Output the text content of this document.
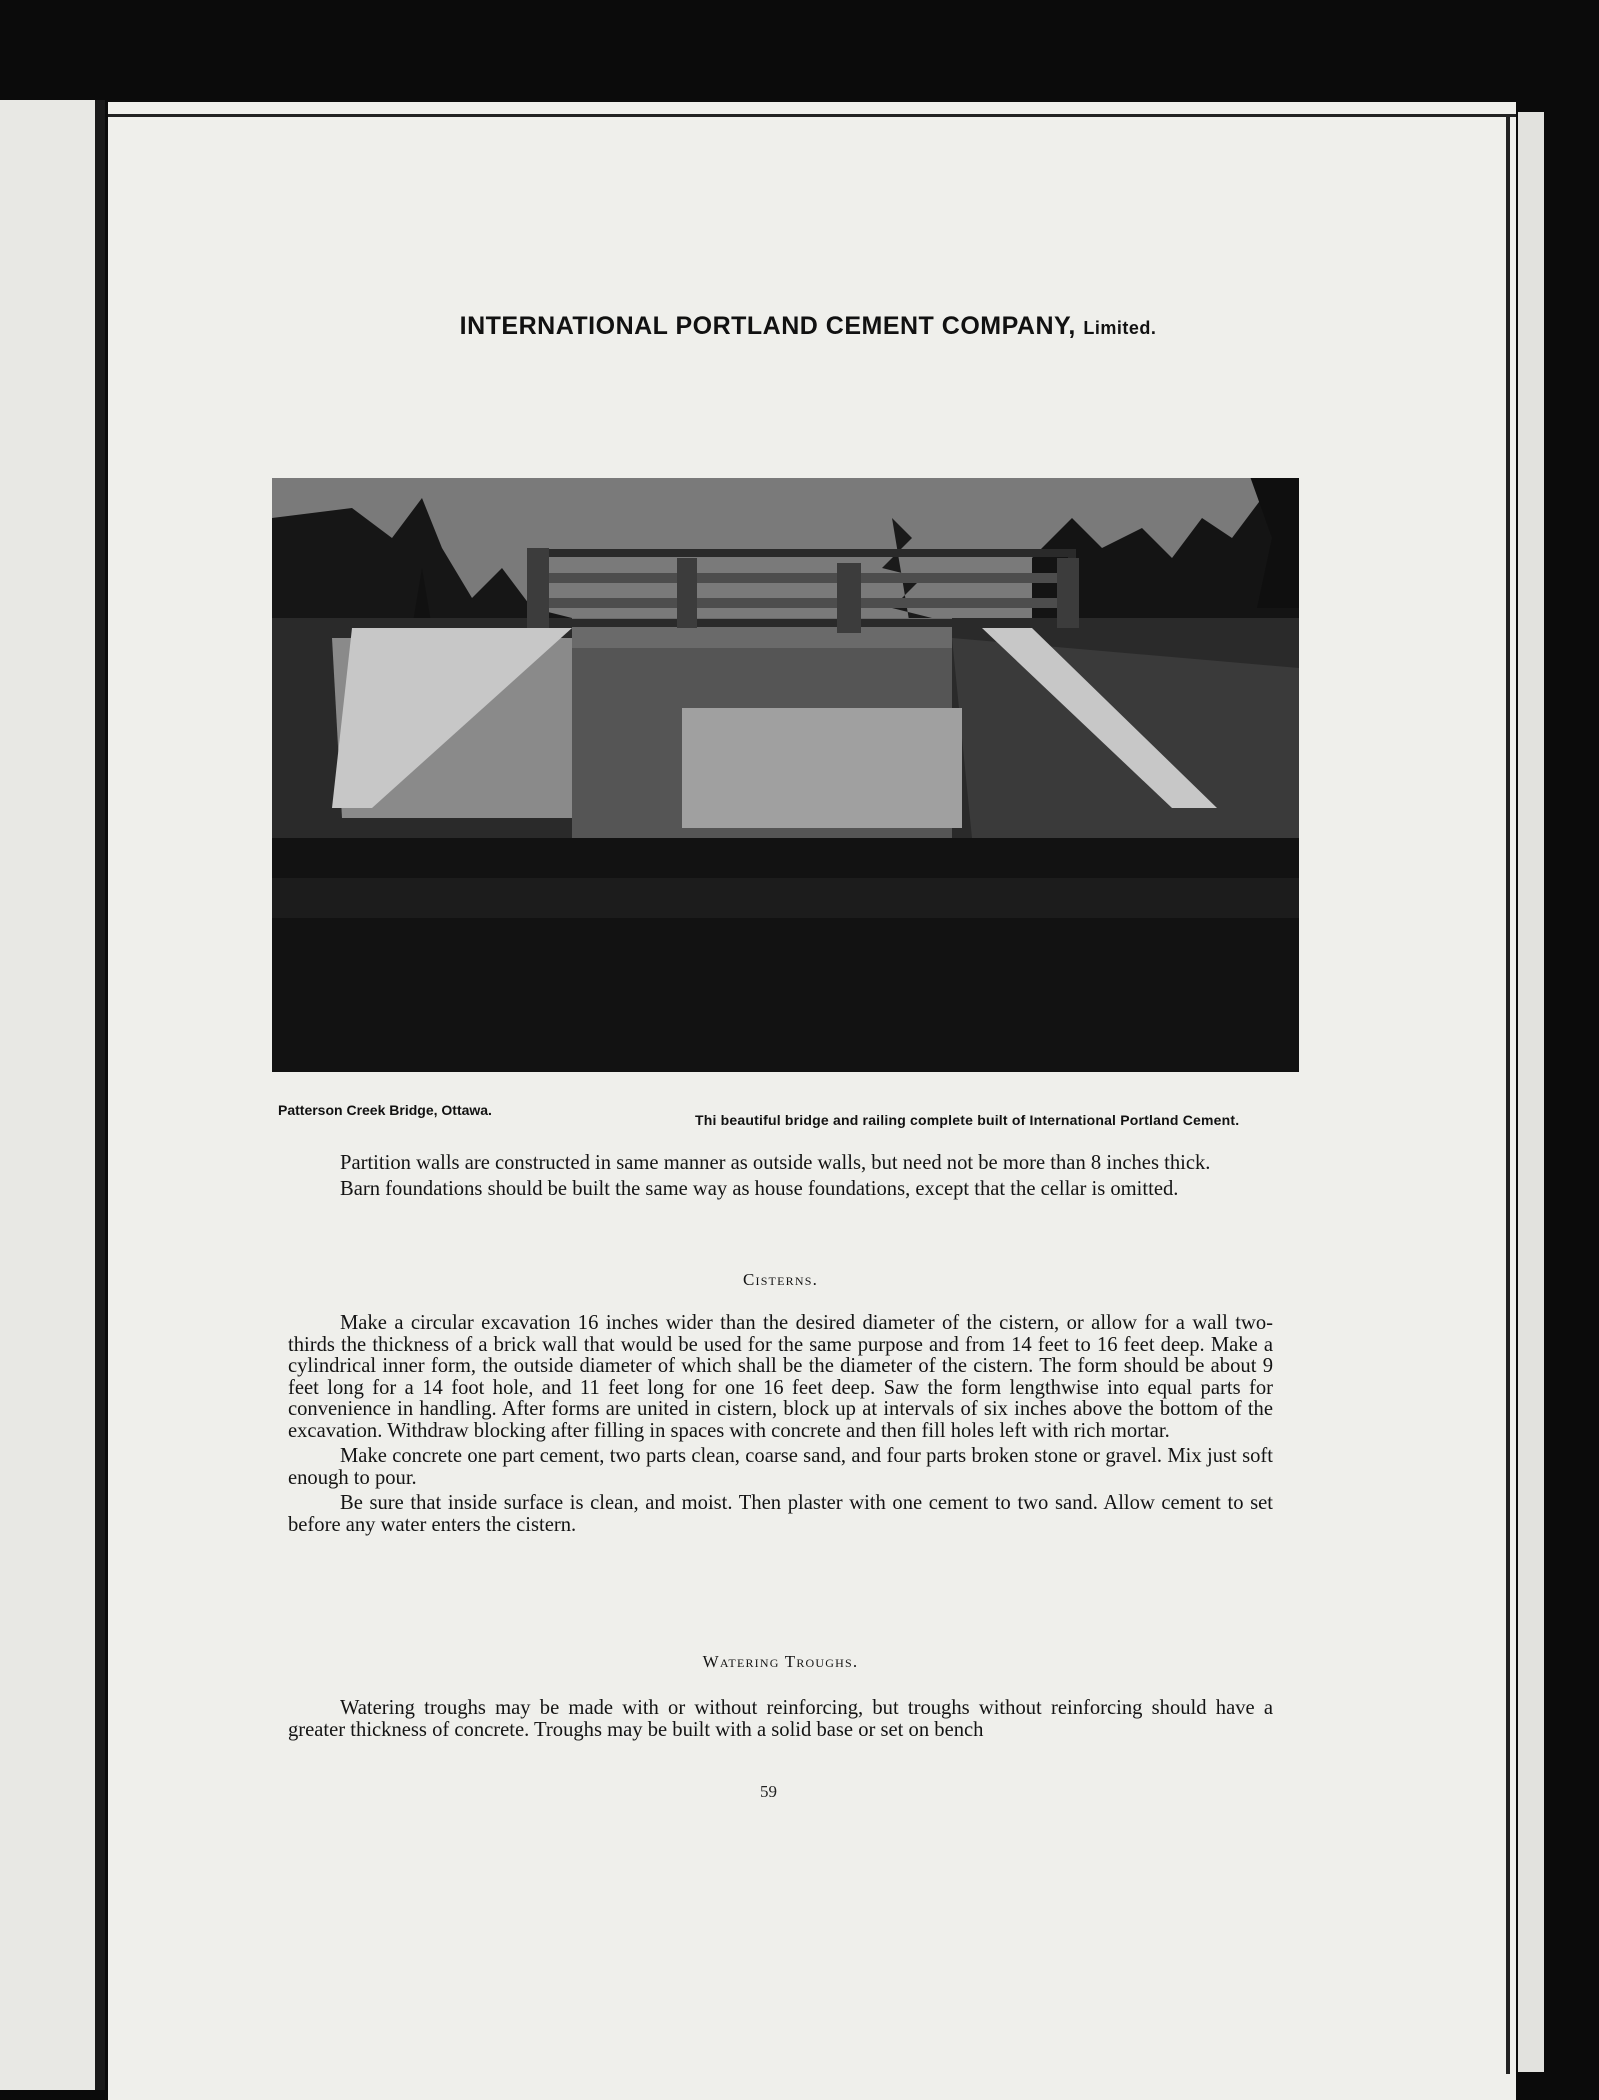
INTERNATIONAL PORTLAND CEMENT COMPANY, Limited.
Patterson Creek Bridge, Ottawa.
Thi beautiful bridge and railing complete built of International Portland Cement.

Partition walls are constructed in same manner as outside walls, but need not be more than 8 inches thick.

Barn foundations should be built the same way as house foundations, except that the cellar is omitted.

Cisterns.

Make a circular excavation 16 inches wider than the desired diameter of the cistern, or allow for a wall two-thirds the thickness of a brick wall that would be used for the same purpose and from 14 feet to 16 feet deep. Make a cylindrical inner form, the outside diameter of which shall be the diameter of the cistern. The form should be about 9 feet long for a 14 foot hole, and 11 feet long for one 16 feet deep. Saw the form lengthwise into equal parts for convenience in handling. After forms are united in cistern, block up at intervals of six inches above the bottom of the excavation. Withdraw blocking after filling in spaces with concrete and then fill holes left with rich mortar.

Make concrete one part cement, two parts clean, coarse sand, and four parts broken stone or gravel. Mix just soft enough to pour.

Be sure that inside surface is clean, and moist. Then plaster with one cement to two sand. Allow cement to set before any water enters the cistern.

Watering Troughs.

Watering troughs may be made with or without reinforcing, but troughs without reinforcing should have a greater thickness of concrete. Troughs may be built with a solid base or set on bench

59
